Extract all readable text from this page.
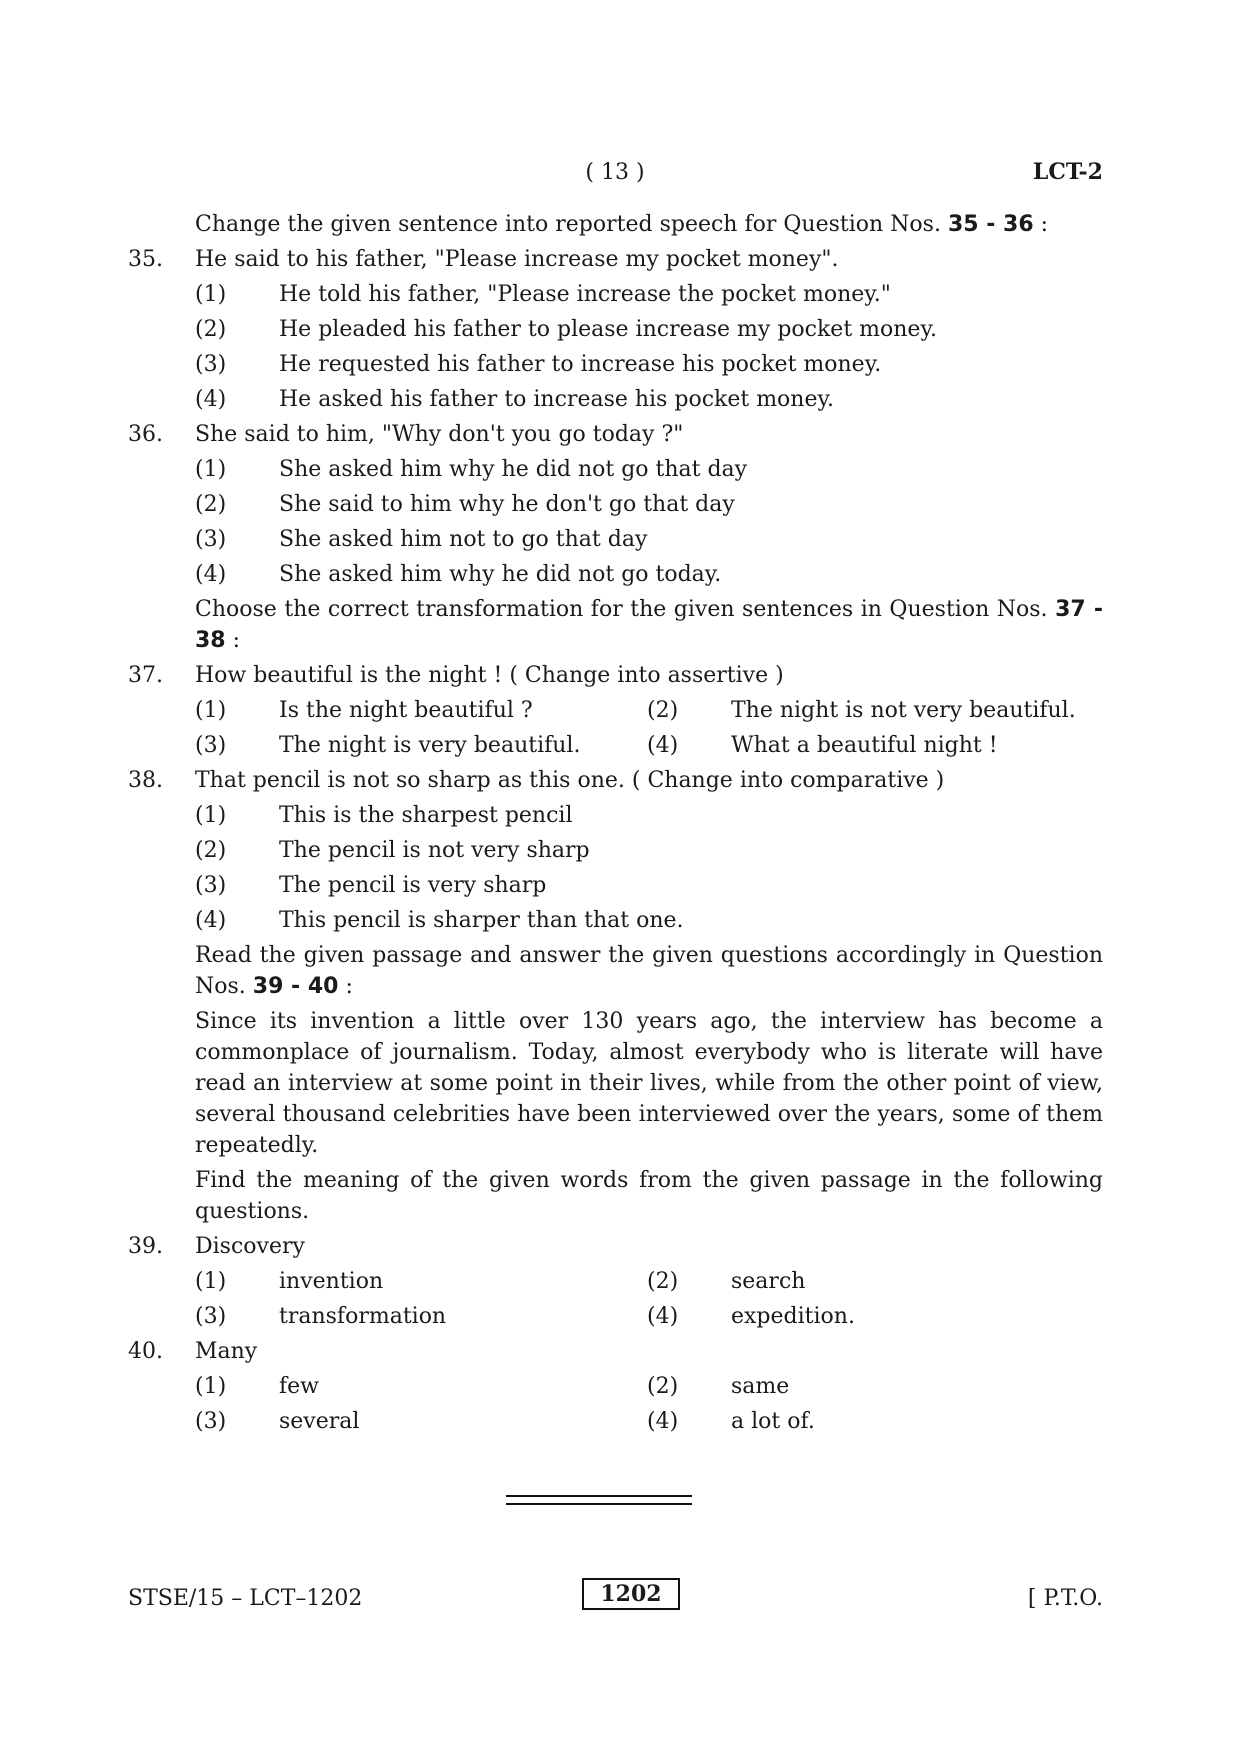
( 13 )	LCT-2
Change the given sentence into reported speech for Question Nos. 35 - 36 :
35.	He said to his father, "Please increase my pocket money".
(1)	He told his father, "Please increase the pocket money."
(2)	He pleaded his father to please increase my pocket money.
(3)	He requested his father to increase his pocket money.
(4)	He asked his father to increase his pocket money.
36.	She said to him, "Why don't you go today ?"
(1)	She asked him why he did not go that day
(2)	She said to him why he don't go that day
(3)	She asked him not to go that day
(4)	She asked him why he did not go today.
Choose the correct transformation for the given sentences in Question Nos. 37 - 38 :
37.	How beautiful is the night ! ( Change into assertive )
(1)	Is the night beautiful ?	(2)	The night is not very beautiful.
(3)	The night is very beautiful.	(4)	What a beautiful night !
38.	That pencil is not so sharp as this one. ( Change into comparative )
(1)	This is the sharpest pencil
(2)	The pencil is not very sharp
(3)	The pencil is very sharp
(4)	This pencil is sharper than that one.
Read the given passage and answer the given questions accordingly in Question Nos. 39 - 40 :
Since its invention a little over 130 years ago, the interview has become a commonplace of journalism. Today, almost everybody who is literate will have read an interview at some point in their lives, while from the other point of view, several thousand celebrities have been interviewed over the years, some of them repeatedly.
Find the meaning of the given words from the given passage in the following questions.
39.	Discovery
(1)	invention	(2)	search
(3)	transformation	(4)	expedition.
40.	Many
(1)	few	(2)	same
(3)	several	(4)	a lot of.
STSE/15 – LCT–1202	1202	[ P.T.O.
